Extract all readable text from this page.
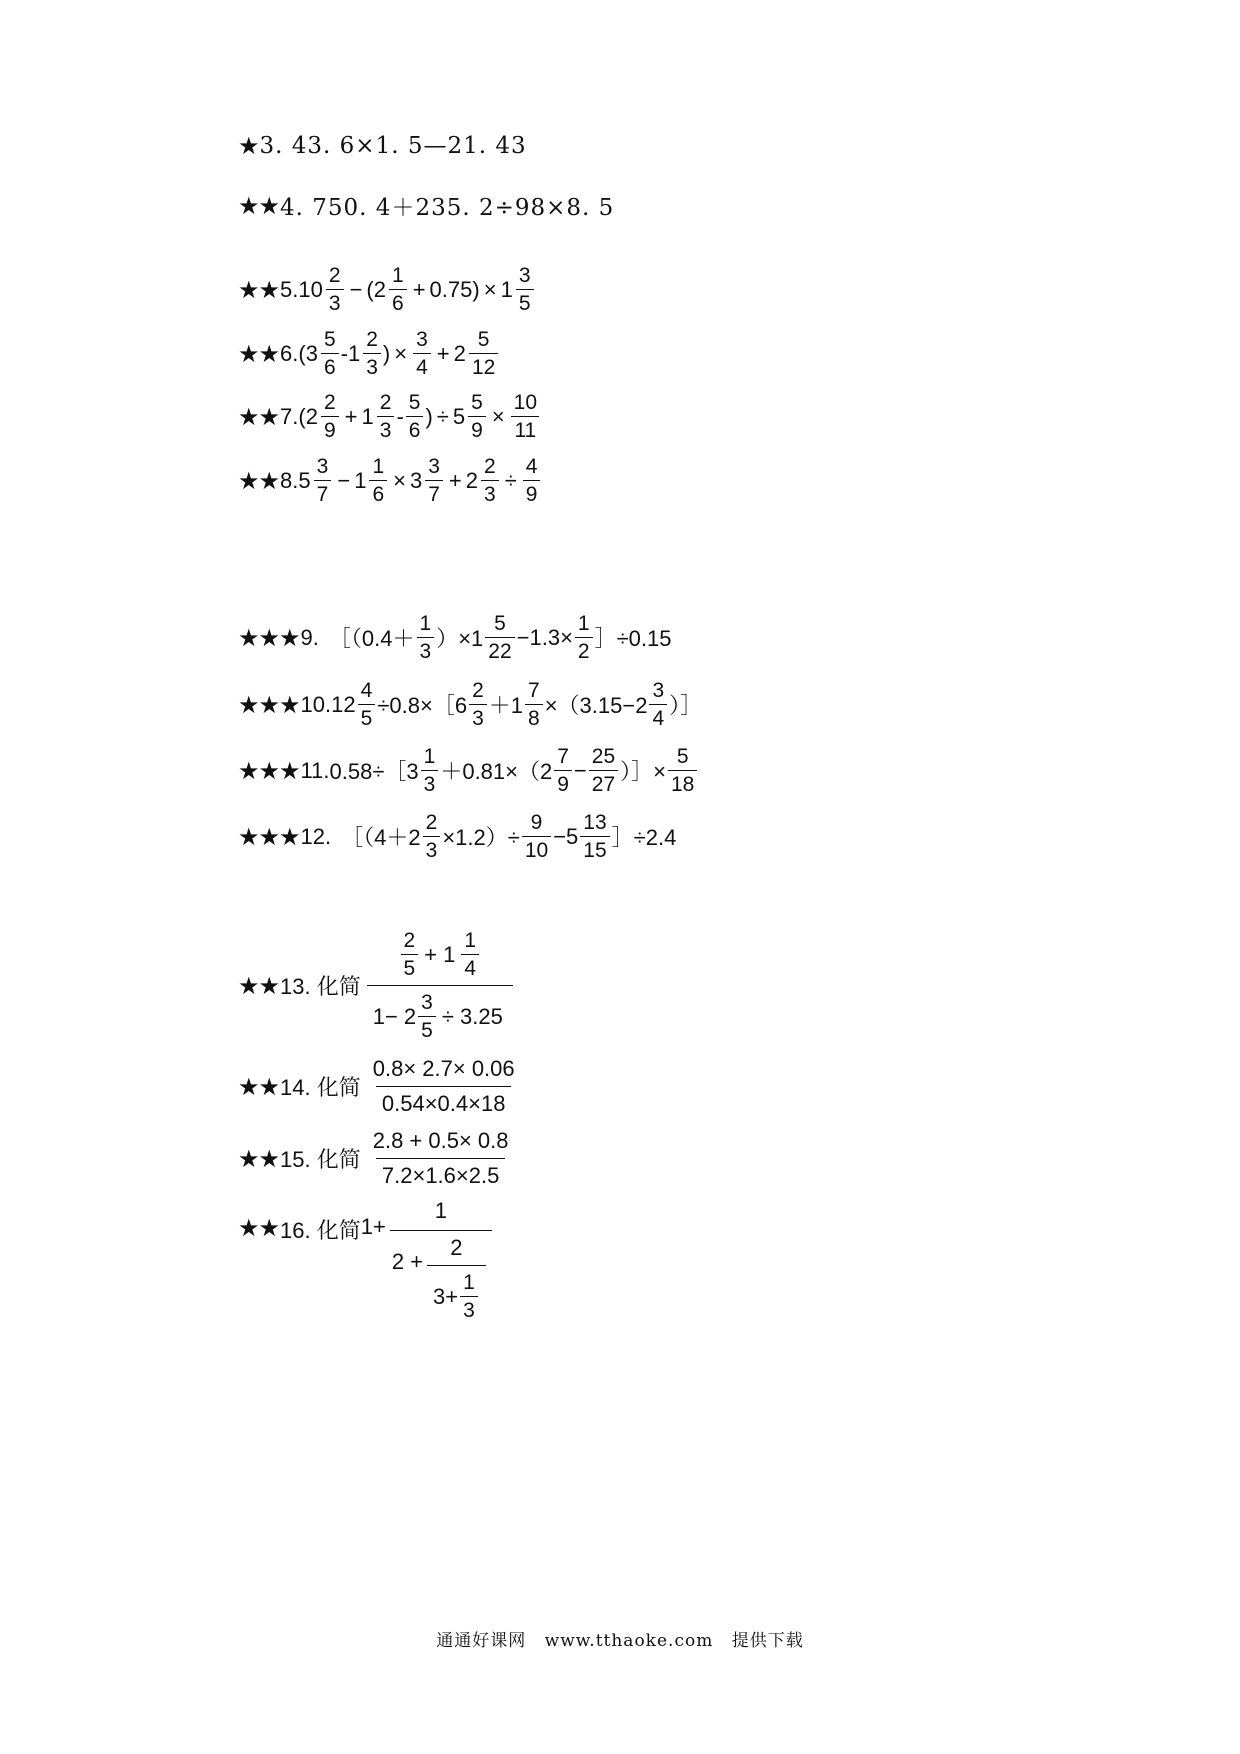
★ 3. 43. 6×1. 5—21. 43
★★ 4. 750. 4＋235. 2÷98×8. 5
★★ 5. $10 \frac{2}{3}$ − ( $2 \frac{1}{6} + 0.75$ ) × $1 \frac{3}{5}$
★★ 6. ( $3 \frac{5}{6} - 1 \frac{2}{3}$ ) × $\frac{3}{4} + 2 \frac{5}{12}$
★★ 7. ( $2 \frac{2}{9} + 1 \frac{2}{3} - \frac{5}{6}$ ) ÷ $5 \frac{5}{9} \times \frac{10}{11}$
★★ 8. $5 \frac{3}{7} - 1 \frac{1}{6} \times 3 \frac{3}{7} + 2 \frac{2}{3} \div \frac{4}{9}$
★★★ 9. ［（0.4＋ $\frac{1}{3} )\times 1 \frac{5}{22} -1.3\times \frac{1}{2}$ ］÷0.15
★★★ 10. $12 \frac{4}{5}$ ÷0.8×［6 $\frac{2}{3} +1 \frac{7}{8} \times(3.15-2 \frac{3}{4}$ ）］
★★★ 11. 0.58÷［3 $\frac{1}{3} +0.81\times(2 \frac{7}{9} - \frac{25}{27}$ ）］× $\frac{5}{18}$
★★★ 12. ［（4＋2 $\frac{2}{3} \times 1.2)\div \frac{9}{10} -5 \frac{13}{15}$ ］÷2.4
★★ 13. 化简 $\frac{\frac{2}{5} + 1 \frac{1}{4}}{1- 2 \frac{3}{5} \div 3.25}$
★★ 14. 化简 $\frac{0.8\times 2.7\times 0.06}{0.54\times 0.4\times 18}$
★★ 15. 化简 $\frac{2.8 + 0.5\times 0.8}{7.2\times 1.6\times 2.5}$
★★ 16. 化简 1+
1
$2 + \frac{2}{3+ \frac{1}{3}}$
通通好课网 www.tthaoke.com 提供下载
